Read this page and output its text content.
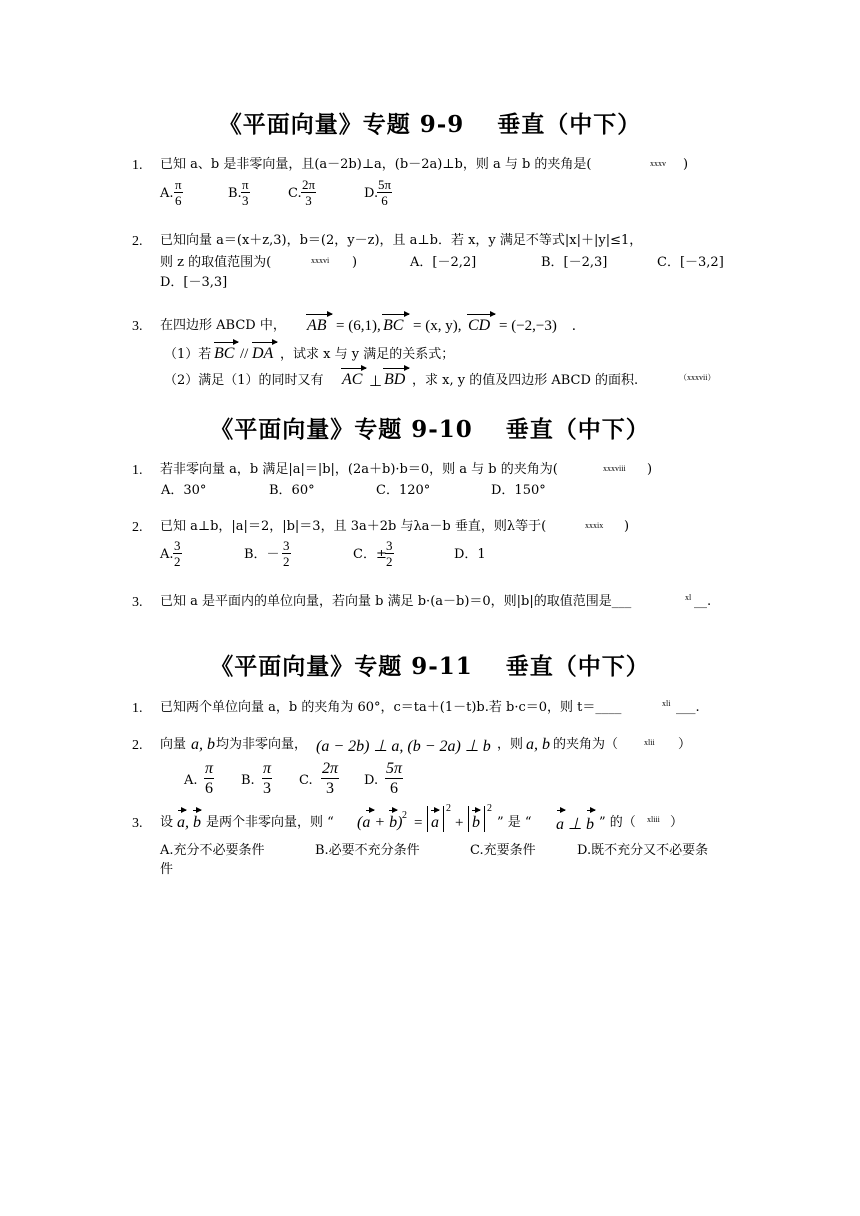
《平面向量》专题 9-9　 垂直（中下）
1. 已知 a、b 是非零向量，且(a－2b)⊥a，(b－2a)⊥b，则 a 与 b 的夹角是(	xxxv )
A. $\frac{\pi}{6}$	B. $\frac{\pi}{3}$	C. $\frac{2\pi}{3}$	D.
$\frac{5\pi}{6}$
2. 已知向量 a＝(x＋z,3)，b＝(2，y－z)，且 a⊥b．若 x，y 满足不等式|x|＋|y|≤1，
则 z 的取值范围为(	xxxvi )	A．[－2,2]	B．[－2,3]	C．[－3,2]
D．[－3,3]
3. 在四边形 ABCD 中， AB = (6,1), BC = (x, y), CD = (−2,−3) .
（1）若 BC // DA ，试求 x 与 y 满足的关系式；
（2）满足（1）的同时又有 AC ⊥ BD ，求 x, y 的值及四边形 ABCD 的面积.	（xxxvii）
《平面向量》专题 9-10　 垂直（中下）
1. 若非零向量 a，b 满足|a|＝|b|，(2a＋b)·b＝0，则 a 与 b 的夹角为(	xxxviii )
A．30°	B．60°	C．120°	D．150°
2. 已知 a⊥b，|a|＝2，|b|＝3，且 3a＋2b 与λa－b 垂直，则λ等于(	xxxix )
A. $\frac{3}{2}$	B．－ $\frac{3}{2}$	C．±
$\frac{3}{2}$	D．1
3. 已知 a 是平面内的单位向量，若向量 b 满足 b·(a－b)＝0，则|b|的取值范围是___	xl __.
《平面向量》专题 9-11　 垂直（中下）
1. 已知两个单位向量 a，b 的夹角为 60°，c＝ta＋(1－t)b.若 b·c＝0，则 t＝____	xli ___.
2. 向量 a, b 均为非零向量， (a − 2b) ⊥ a, (b − 2a) ⊥ b ，则 a, b 的夹角为（	xlii ）
A. $\frac{\pi}{6} B$. $\frac{\pi}{3} C$. $\frac{2\pi}{3} D$. $\frac{5\pi}{6}$
3. 设 a, b 是两个非零向量，则 “ (a + b) 2 = a
2
+ b
2
” 是 “ a ⊥ b ” 的（ xliii ）
A.充分不必要条件	B.必要不充分条件	C.充要条件	D.既不充分又不必要条
件
